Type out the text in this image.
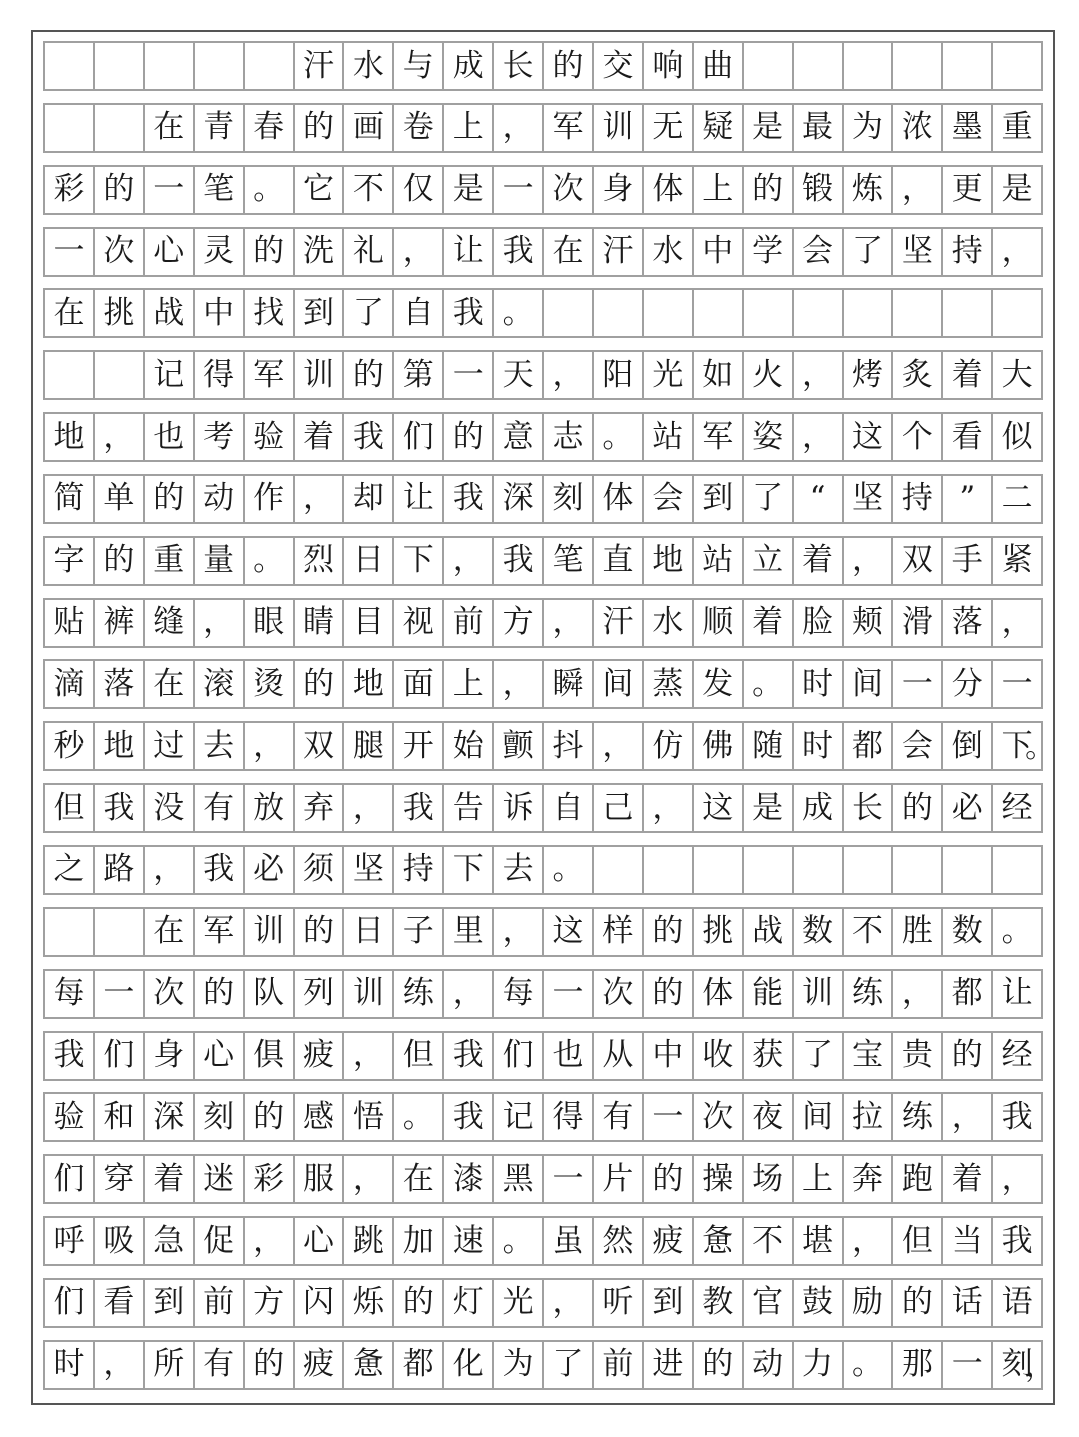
汗 水 与 成 长 的 交 响 曲
在 青 春 的 画 卷 上 ， 军 训 无 疑 是 最 为 浓 墨 重
彩 的 一 笔 。 它 不 仅 是 一 次 身 体 上 的 锻 炼 ， 更 是
一 次 心 灵 的 洗 礼 ， 让 我 在 汗 水 中 学 会 了 坚 持 ，
在 挑 战 中 找 到 了 自 我 。
记 得 军 训 的 第 一 天 ， 阳 光 如 火 ， 烤 炙 着 大
地 ， 也 考 验 着 我 们 的 意 志 。 站 军 姿 ， 这 个 看 似
简 单 的 动 作 ， 却 让 我 深 刻 体 会 到 了 “ 坚 持 ” 二
字 的 重 量 。 烈 日 下 ， 我 笔 直 地 站 立 着 ， 双 手 紧
贴 裤 缝 ， 眼 睛 目 视 前 方 ， 汗 水 顺 着 脸 颊 滑 落 ，
滴 落 在 滚 烫 的 地 面 上 ， 瞬 间 蒸 发 。 时 间 一 分 一
秒 地 过 去 ， 双 腿 开 始 颤 抖 ， 仿 佛 随 时 都 会 倒 下
。
但 我 没 有 放 弃 ， 我 告 诉 自 己 ， 这 是 成 长 的 必 经
之 路 ， 我 必 须 坚 持 下 去 。
在 军 训 的 日 子 里 ， 这 样 的 挑 战 数 不 胜 数 。
每 一 次 的 队 列 训 练 ， 每 一 次 的 体 能 训 练 ， 都 让
我 们 身 心 俱 疲 ， 但 我 们 也 从 中 收 获 了 宝 贵 的 经
验 和 深 刻 的 感 悟 。 我 记 得 有 一 次 夜 间 拉 练 ， 我
们 穿 着 迷 彩 服 ， 在 漆 黑 一 片 的 操 场 上 奔 跑 着 ，
呼 吸 急 促 ， 心 跳 加 速 。 虽 然 疲 惫 不 堪 ， 但 当 我
们 看 到 前 方 闪 烁 的 灯 光 ， 听 到 教 官 鼓 励 的 话 语
时 ， 所 有 的 疲 惫 都 化 为 了 前 进 的 动 力 。 那 一 刻
，
